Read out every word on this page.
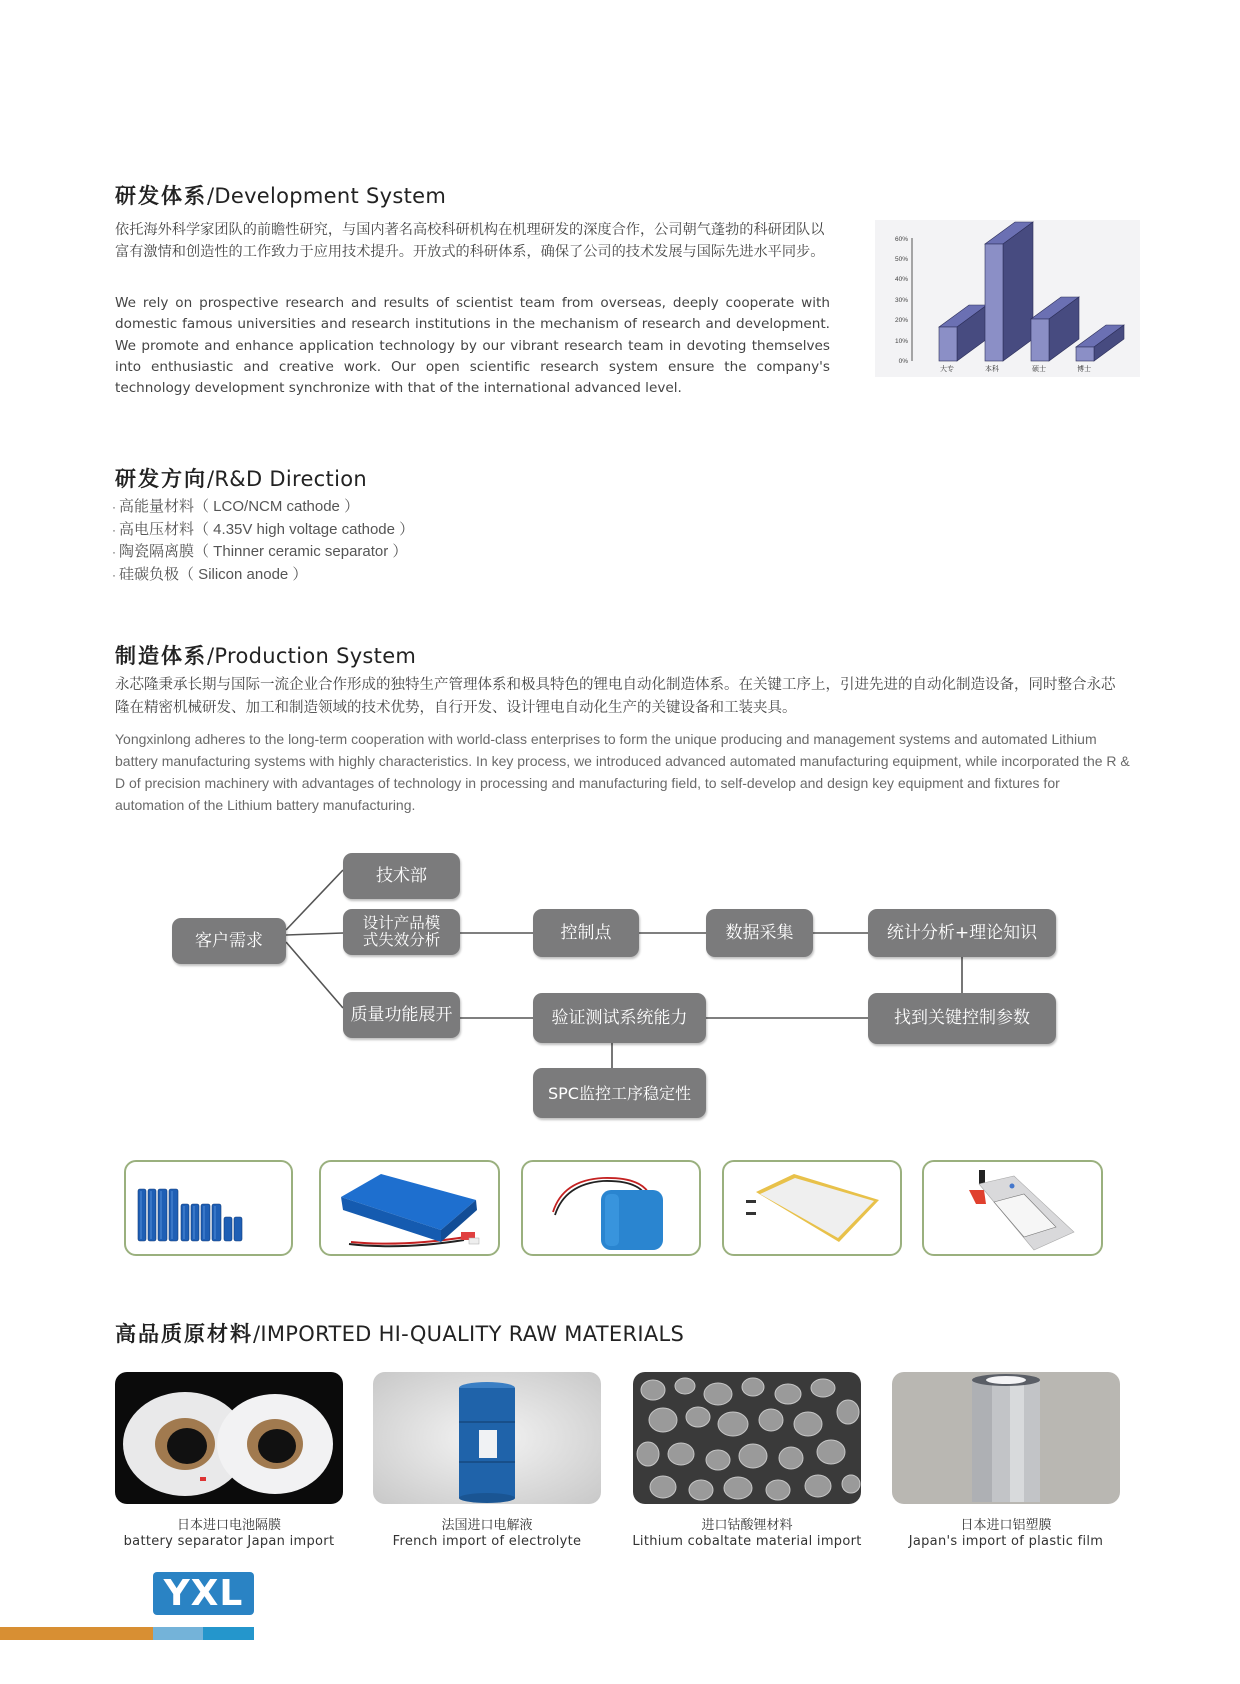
研发体系/Development System
依托海外科学家团队的前瞻性研究，与国内著名高校科研机构在机理研发的深度合作，公司朝气蓬勃的科研团队以富有激情和创造性的工作致力于应用技术提升。开放式的科研体系，确保了公司的技术发展与国际先进水平同步。
We rely on prospective research and results of scientist team from overseas, deeply cooperate with domestic famous universities and research institutions in the mechanism of research and development. We promote and enhance application technology by our vibrant research team in devoting themselves into enthusiastic and creative work. Our open scientific research system ensure the company's technology development synchronize with that of the international advanced level.
0%
10%
20%
30%
40%
50%
60%
大专	本科	硕士	博士
研发方向/R&D Direction
· 高能量材料（ LCO/NCM cathode ）
· 高电压材料（ 4.35V high voltage cathode ）
· 陶瓷隔离膜（ Thinner ceramic separator ）
· 硅碳负极（ Silicon anode ）
制造体系/Production System
永芯隆秉承长期与国际一流企业合作形成的独特生产管理体系和极具特色的锂电自动化制造体系。在关键工序上，引进先进的自动化制造设备，同时整合永芯隆在精密机械研发、加工和制造领域的技术优势，自行开发、设计锂电自动化生产的关键设备和工装夹具。
Yongxinlong adheres to the long-term cooperation with world-class enterprises to form the unique producing and management systems and automated Lithium battery manufacturing systems with highly characteristics. In key process, we introduced advanced automated manufacturing equipment, while incorporated the R & D of precision machinery with advantages of technology in processing and manufacturing field, to self-develop and design key equipment and fixtures for automation of the Lithium battery manufacturing.
客户需求
技术部
设计产品模式失效分析
质量功能展开
控制点	数据采集	统计分析+理论知识
验证测试系统能力	找到关键控制参数
SPC监控工序稳定性
高品质原材料/IMPORTED HI-QUALITY RAW MATERIALS
日本进口电池隔膜
battery separator Japan import
法国进口电解液
French import of electrolyte
进口钴酸锂材料
Lithium cobaltate material import
日本进口铝塑膜
Japan's import of plastic film
YXL
